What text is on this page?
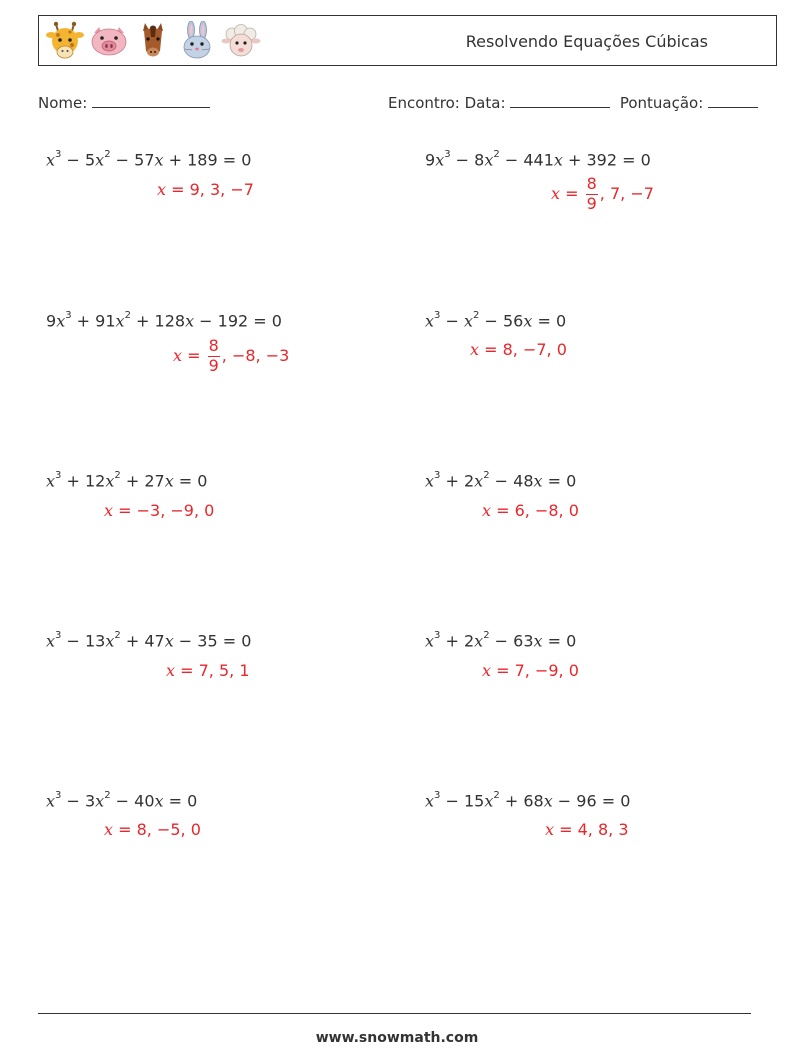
Resolvendo Equações Cúbicas
Nome:	Encontro: Data:	Pontuação:
$x^3 - 5x^2 - 57x + 189 = 0$
x = 9, 3, −7
$9x^3 - 8x^2 - 441x + 392 = 0$
$x = \frac{8}{9}$ , 7, −7
$9x^3 + 91x^2 + 128x - 192 = 0$
$x = \frac{8}{9}$ , −8, −3
$x^3 - x^2 - 56x = 0$
x = 8, −7, 0
$x^3 + 12x^2 + 27x = 0$
x = −3, −9, 0
$x^3 + 2x^2 - 48x = 0$
x = 6, −8, 0
$x^3 - 13x^2 + 47x - 35 = 0$
x = 7, 5, 1
$x^3 + 2x^2 - 63x = 0$
x = 7, −9, 0
$x^3 - 3x^2 - 40x = 0$
x = 8, −5, 0
$x^3 - 15x^2 + 68x - 96 = 0$
x = 4, 8, 3
www.snowmath.com
